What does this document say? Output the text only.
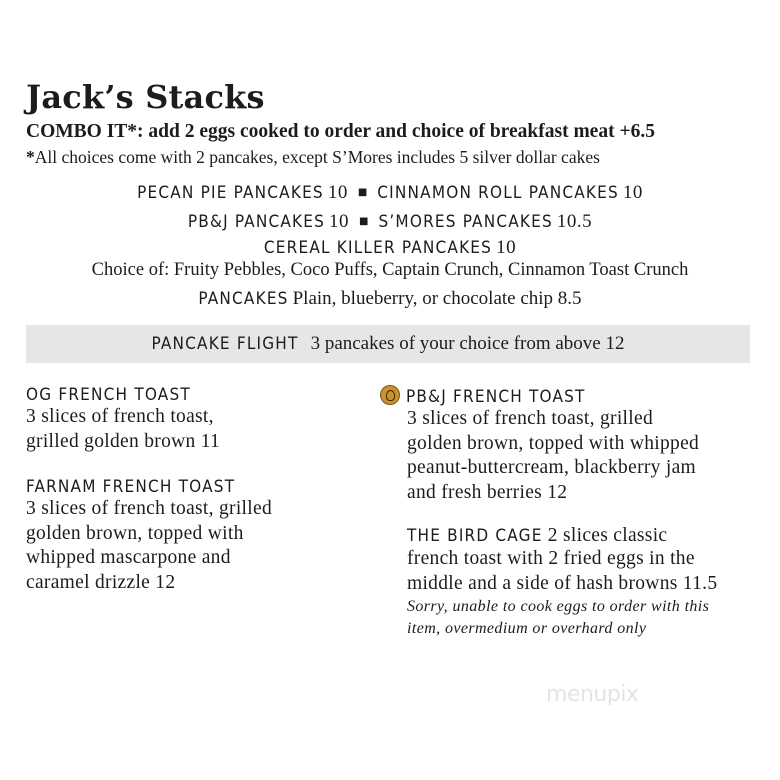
Jack’s Stacks
COMBO IT*: add 2 eggs cooked to order and choice of breakfast meat +6.5
*All choices come with 2 pancakes, except S’Mores includes 5 silver dollar cakes
PECAN PIE PANCAKES 10 ■ CINNAMON ROLL PANCAKES 10
PB&J PANCAKES 10 ■ S’MORES PANCAKES 10.5
CEREAL KILLER PANCAKES 10
Choice of: Fruity Pebbles, Coco Puffs, Captain Crunch, Cinnamon Toast Crunch
PANCAKES Plain, blueberry, or chocolate chip 8.5
PANCAKE FLIGHT 3 pancakes of your choice from above 12
OG FRENCH TOAST
3 slices of french toast,
grilled golden brown 11
FARNAM FRENCH TOAST
3 slices of french toast, grilled
golden brown, topped with
whipped mascarpone and
caramel drizzle 12
PB&J FRENCH TOAST
3 slices of french toast, grilled
golden brown, topped with whipped
peanut-buttercream, blackberry jam
and fresh berries 12
THE BIRD CAGE 2 slices classic
french toast with 2 fried eggs in the
middle and a side of hash browns 11.5
Sorry, unable to cook eggs to order with this
item, overmedium or overhard only
menupix
